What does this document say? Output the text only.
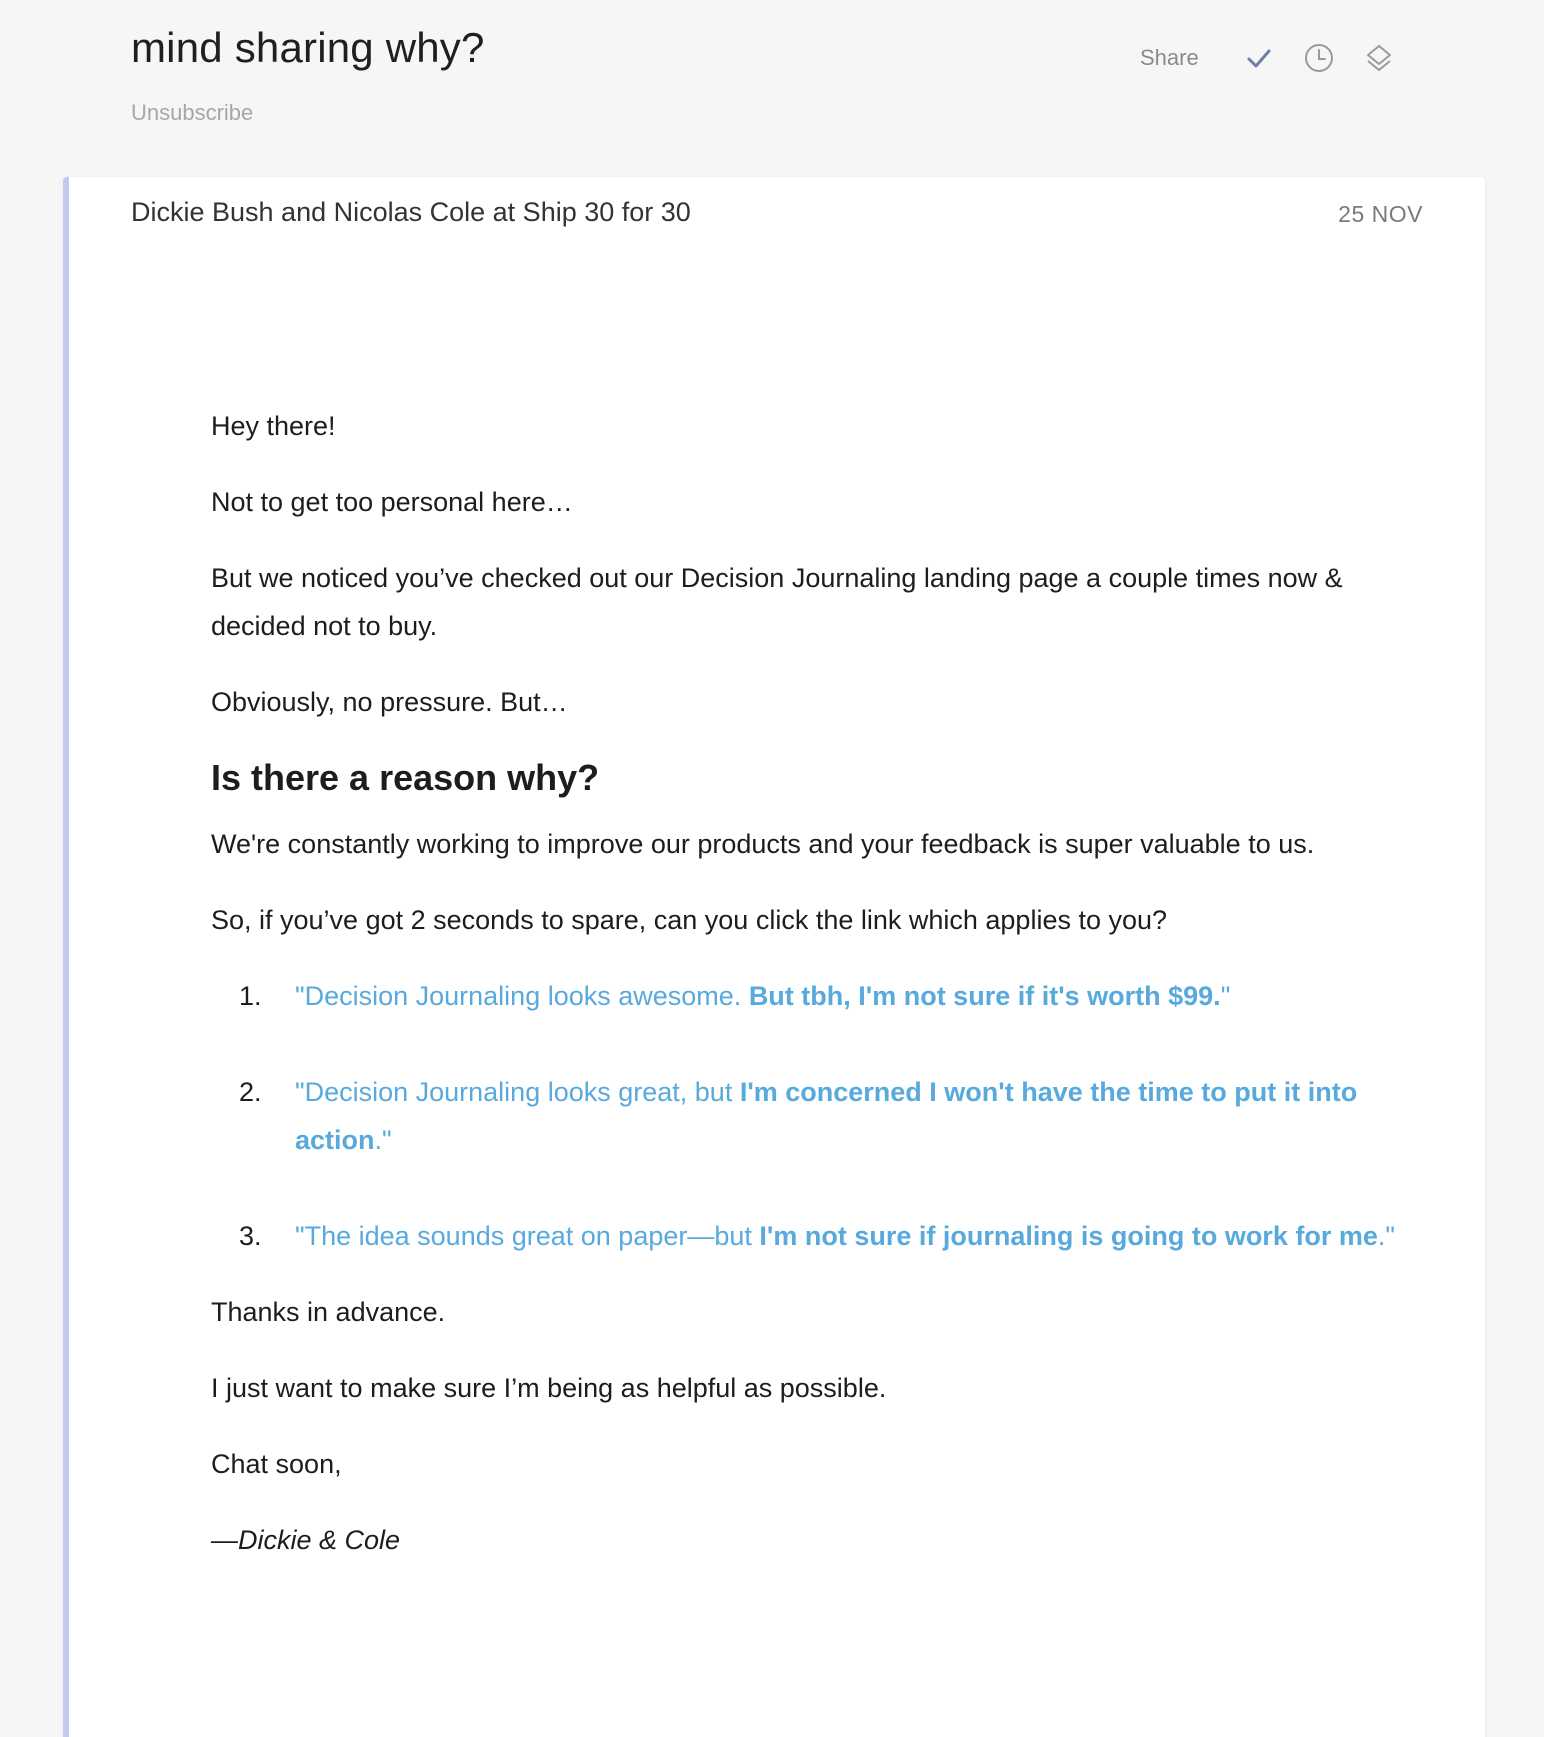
mind sharing why?
Unsubscribe
Share
Dickie Bush and Nicolas Cole at Ship 30 for 30	25 NOV

Hey there!

Not to get too personal here…

But we noticed you’ve checked out our Decision Journaling landing page a couple times now & decided not to buy.

Obviously, no pressure. But…

Is there a reason why?

We're constantly working to improve our products and your feedback is super valuable to us.

So, if you’ve got 2 seconds to spare, can you click the link which applies to you?

1. "Decision Journaling looks awesome. But tbh, I'm not sure if it's worth $99."
2. "Decision Journaling looks great, but I'm concerned I won't have the time to put it into action."
3. "The idea sounds great on paper—but I'm not sure if journaling is going to work for me."

Thanks in advance.

I just want to make sure I’m being as helpful as possible.

Chat soon,

—Dickie & Cole
